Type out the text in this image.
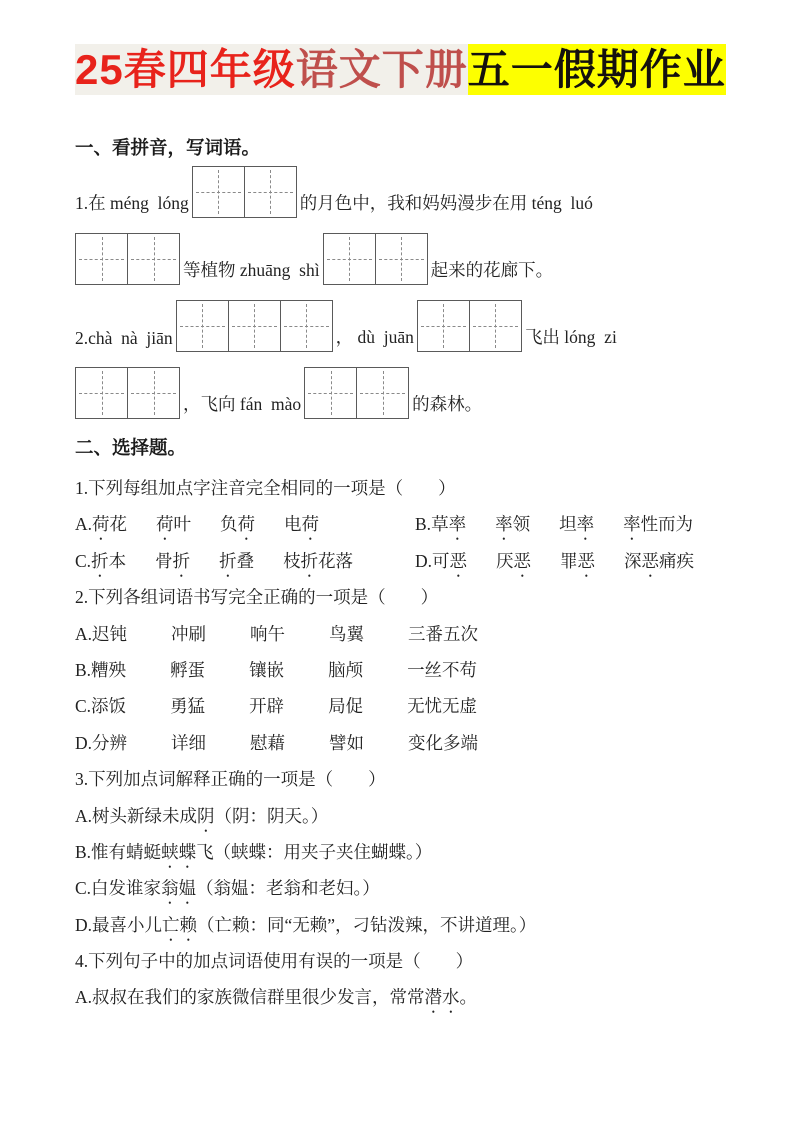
25春四年级语文下册五一假期作业
一、看拼音，写词语。
1.在 méng  lóng	的月色中，我和妈妈漫步在用 téng  luó
等植物 zhuāng  shì	起来的花廊下。
2.chà  nà  jiān	， dù  juān	飞出 lóng  zi
，飞向 fán  mào	的森林。
二、选择题。
1.下列每组加点字注音完全相同的一项是（　　）
A.荷花 荷叶 负荷 电荷	B.草率 率领 坦率 率性而为
C.折本 骨折 折叠 枝折花落	D.可恶 厌恶 罪恶 深恶痛疾
2.下列各组词语书写完全正确的一项是（　　）
A.迟钝	冲刷	响午	鸟翼	三番五次
B.糟殃	孵蛋	镶嵌	脑颅	一丝不苟
C.添饭	勇猛	开辟	局促	无忧无虚
D.分辨	详细	慰藉	譬如	变化多端
3.下列加点词解释正确的一项是（　　）
A.树头新绿未成阴（阴：阴天。）
B.惟有蜻蜓蛱蝶飞（蛱蝶：用夹子夹住蝴蝶。）
C.白发谁家翁媪（翁媪：老翁和老妇。）
D.最喜小儿亡赖（亡赖：同“无赖”，刁钻泼辣，不讲道理。）
4.下列句子中的加点词语使用有误的一项是（　　）
A.叔叔在我们的家族微信群里很少发言，常常潜水。
